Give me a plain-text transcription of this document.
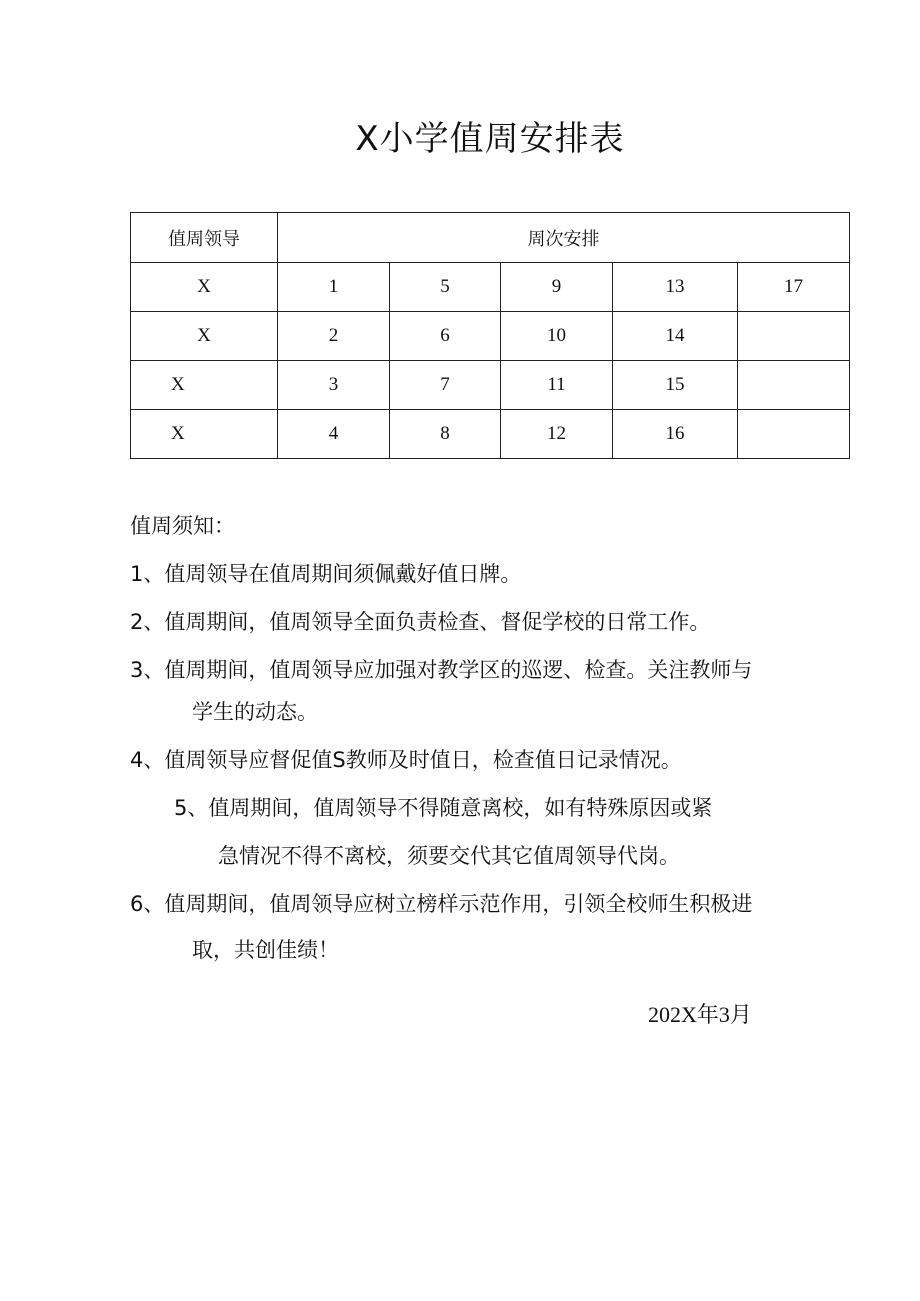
X小学值周安排表
值周领导	周次安排				
X	1	5	9	13	17
X	2	6	10	14	
X	3	7	11	15	
X	4	8	12	16	

值周须知：

1、值周领导在值周期间须佩戴好值日牌。

2、值周期间，值周领导全面负责检查、督促学校的日常工作。

3、值周期间，值周领导应加强对教学区的巡逻、检查。关注教师与

学生的动态。

4、值周领导应督促值S教师及时值日，检查值日记录情况。

5、值周期间，值周领导不得随意离校，如有特殊原因或紧

急情况不得不离校，须要交代其它值周领导代岗。

6、值周期间，值周领导应树立榜样示范作用，引领全校师生积极进

取，共创佳绩！

202X年3月
